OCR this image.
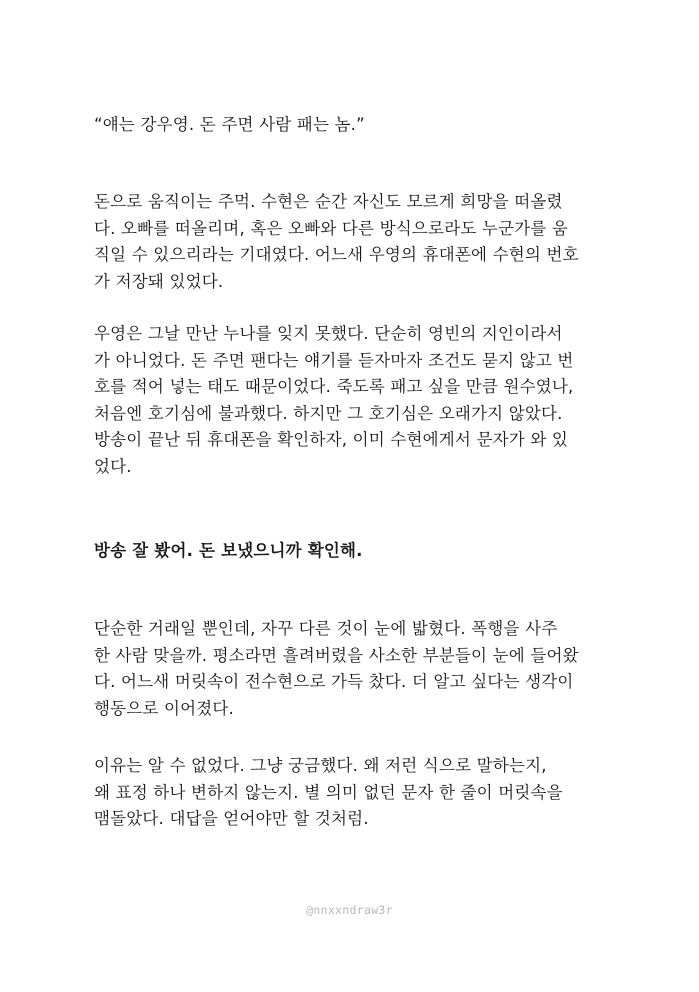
“얘는 강우영. 돈 주면 사람 패는 놈.”

돈으로 움직이는 주먹. 수현은 순간 자신도 모르게 희망을 떠올렸
다. 오빠를 떠올리며, 혹은 오빠와 다른 방식으로라도 누군가를 움
직일 수 있으리라는 기대였다. 어느새 우영의 휴대폰에 수현의 번호
가 저장돼 있었다.

우영은 그날 만난 누나를 잊지 못했다. 단순히 영빈의 지인이라서
가 아니었다. 돈 주면 팬다는 얘기를 듣자마자 조건도 묻지 않고 번
호를 적어 넣는 태도 때문이었다. 죽도록 패고 싶을 만큼 원수였나,
처음엔 호기심에 불과했다. 하지만 그 호기심은 오래가지 않았다.
방송이 끝난 뒤 휴대폰을 확인하자, 이미 수현에게서 문자가 와 있
었다.

방송 잘 봤어. 돈 보냈으니까 확인해.

단순한 거래일 뿐인데, 자꾸 다른 것이 눈에 밟혔다. 폭행을 사주
한 사람 맞을까. 평소라면 흘려버렸을 사소한 부분들이 눈에 들어왔
다. 어느새 머릿속이 전수현으로 가득 찼다. 더 알고 싶다는 생각이
행동으로 이어졌다.

이유는 알 수 없었다. 그냥 궁금했다. 왜 저런 식으로 말하는지,
왜 표정 하나 변하지 않는지. 별 의미 없던 문자 한 줄이 머릿속을
맴돌았다. 대답을 얻어야만 할 것처럼.

@nnxxndraw3r
